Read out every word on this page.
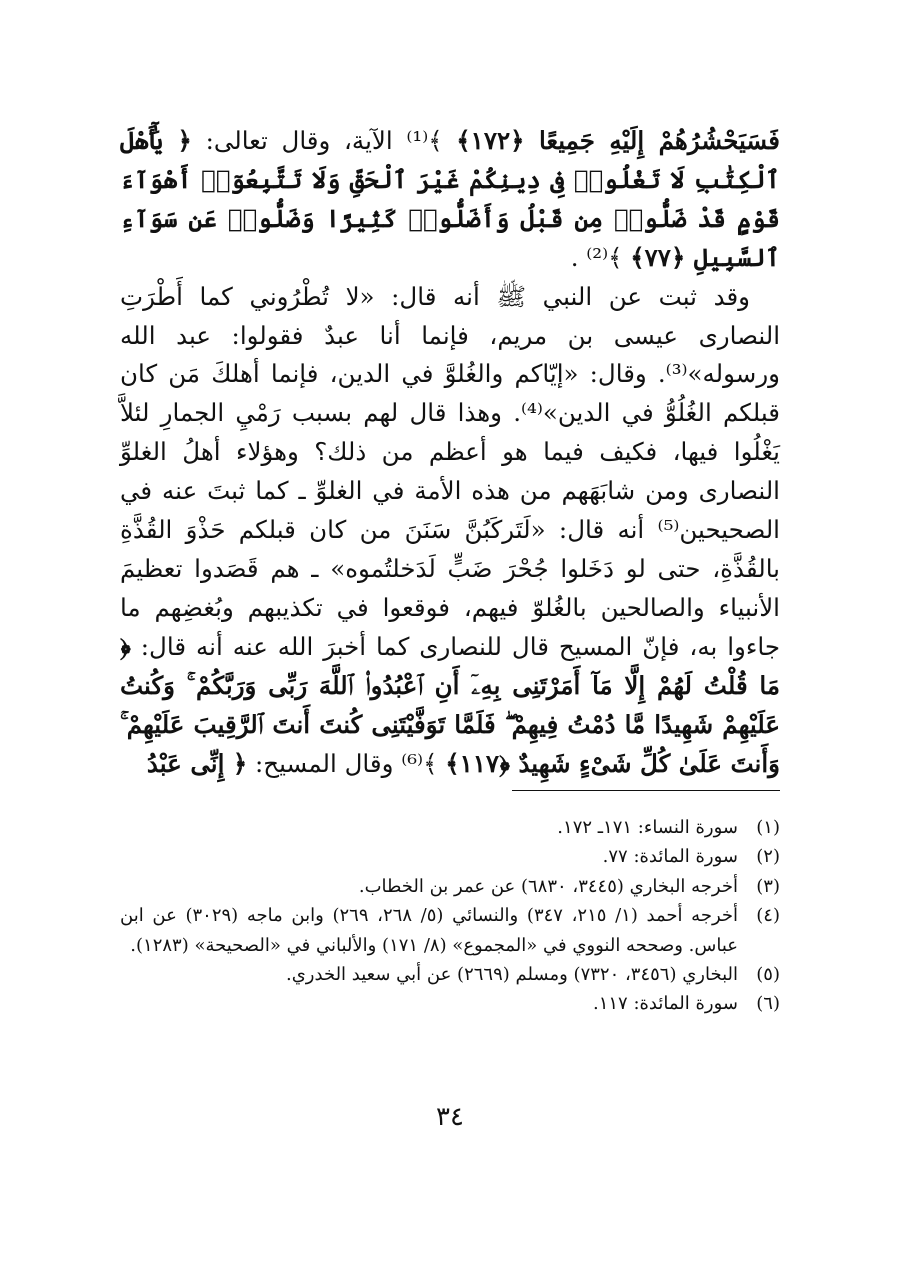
فَسَيَحْشُرُهُمْ إِلَيْهِ جَمِيعًا ﴿١٧٢﴾ ﴾⁽¹⁾ الآية، وقال تعالى: ﴿ يَٰٓأَهْلَ ٱلْكِتَٰبِ لَا تَغْلُوا۟ فِى دِينِكُمْ غَيْرَ ٱلْحَقِّ وَلَا تَتَّبِعُوٓا۟ أَهْوَآءَ قَوْمٍ قَدْ ضَلُّوا۟ مِن قَبْلُ وَأَضَلُّوا۟ كَثِيرًا وَضَلُّوا۟ عَن سَوَآءِ ٱلسَّبِيلِ ﴿٧٧﴾ ﴾⁽²⁾ .

وقد ثبت عن النبي ﷺ أنه قال: «لا تُطْرُوني كما أَطْرَتِ النصارى عيسى بن مريم، فإنما أنا عبدٌ فقولوا: عبد الله ورسوله»⁽³⁾. وقال: «إيّاكم والغُلوَّ في الدين، فإنما أهلكَ مَن كان قبلكم الغُلُوُّ في الدين»⁽⁴⁾. وهذا قال لهم بسبب رَمْيِ الجمارِ لئلاَّ يَغْلُوا فيها، فكيف فيما هو أعظم من ذلك؟ وهؤلاء أهلُ الغلوِّ النصارى ومن شابَهَهم من هذه الأمة في الغلوِّ ـ كما ثبتَ عنه في الصحيحين⁽⁵⁾ أنه قال: «لَتَركَبُنَّ سَنَنَ من كان قبلكم حَذْوَ القُذَّةِ بالقُذَّةِ، حتى لو دَخَلوا جُحْرَ ضَبٍّ لَدَخلتُموه» ـ هم قَصَدوا تعظيمَ الأنبياء والصالحين بالغُلوّ فيهم، فوقعوا في تكذيبهم وبُغضِهم ما جاءوا به، فإنّ المسيح قال للنصارى كما أخبرَ الله عنه أنه قال: ﴿ مَا قُلْتُ لَهُمْ إِلَّا مَآ أَمَرْتَنِى بِهِۦٓ أَنِ ٱعْبُدُوا۟ ٱللَّهَ رَبِّى وَرَبَّكُمْ ۚ وَكُنتُ عَلَيْهِمْ شَهِيدًا مَّا دُمْتُ فِيهِمْ ۖ فَلَمَّا تَوَفَّيْتَنِى كُنتَ أَنتَ ٱلرَّقِيبَ عَلَيْهِمْ ۚ وَأَنتَ عَلَىٰ كُلِّ شَىْءٍ شَهِيدٌ ﴿١١٧﴾ ﴾⁽⁶⁾ وقال المسيح: ﴿ إِنِّى عَبْدُ

(١)
سورة النساء: ١٧١ـ ١٧٢.
(٢)
سورة المائدة: ٧٧.
(٣)
أخرجه البخاري (٣٤٤٥، ٦٨٣٠) عن عمر بن الخطاب.
(٤)
أخرجه أحمد (١/ ٢١٥، ٣٤٧) والنسائي (٥/ ٢٦٨، ٢٦٩) وابن ماجه (٣٠٢٩) عن ابن عباس. وصححه النووي في «المجموع» (٨/ ١٧١) والألباني في «الصحيحة» (١٢٨٣).
(٥)
البخاري (٣٤٥٦، ٧٣٢٠) ومسلم (٢٦٦٩) عن أبي سعيد الخدري.
(٦)
سورة المائدة: ١١٧.
٣٤
